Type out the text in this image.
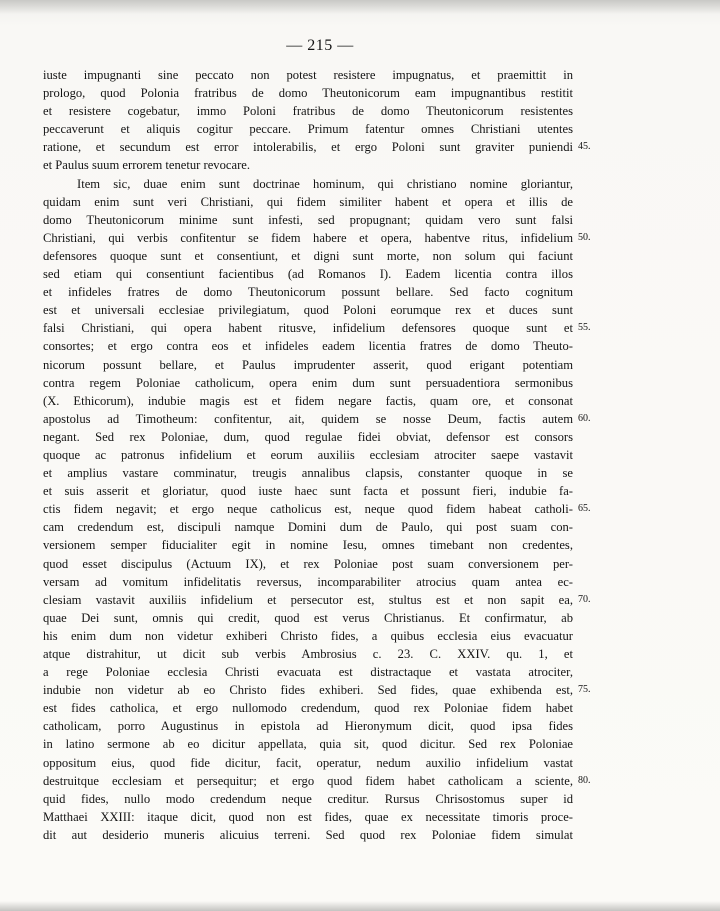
— 215 —
iuste impugnanti sine peccato non potest resistere impugnatus, et praemittit in
prologo, quod Polonia fratribus de domo Theutonicorum eam impugnantibus restitit
et resistere cogebatur, immo Poloni fratribus de domo Theutonicorum resistentes
peccaverunt et aliquis cogitur peccare. Primum fatentur omnes Christiani utentes
ratione, et secundum est error intolerabilis, et ergo Poloni sunt graviter puniendi
et Paulus suum errorem tenetur revocare.
Item sic, duae enim sunt doctrinae hominum, qui christiano nomine gloriantur,
quidam enim sunt veri Christiani, qui fidem similiter habent et opera et illis de
domo Theutonicorum minime sunt infesti, sed propugnant; quidam vero sunt falsi
Christiani, qui verbis confitentur se fidem habere et opera, habentve ritus, infidelium
defensores quoque sunt et consentiunt, et digni sunt morte, non solum qui faciunt
sed etiam qui consentiunt facientibus (ad Romanos I). Eadem licentia contra illos
et infideles fratres de domo Theutonicorum possunt bellare. Sed facto cognitum
est et universali ecclesiae privilegiatum, quod Poloni eorumque rex et duces sunt
falsi Christiani, qui opera habent ritusve, infidelium defensores quoque sunt et
consortes; et ergo contra eos et infideles eadem licentia fratres de domo Theuto-
nicorum possunt bellare, et Paulus imprudenter asserit, quod erigant potentiam
contra regem Poloniae catholicum, opera enim dum sunt persuadentiora sermonibus
(X. Ethicorum), indubie magis est et fidem negare factis, quam ore, et consonat
apostolus ad Timotheum: confitentur, ait, quidem se nosse Deum, factis autem
negant. Sed rex Poloniae, dum, quod regulae fidei obviat, defensor est consors
quoque ac patronus infidelium et eorum auxiliis ecclesiam atrociter saepe vastavit
et amplius vastare comminatur, treugis annalibus clapsis, constanter quoque in se
et suis asserit et gloriatur, quod iuste haec sunt facta et possunt fieri, indubie fa-
ctis fidem negavit; et ergo neque catholicus est, neque quod fidem habeat catholi-
cam credendum est, discipuli namque Domini dum de Paulo, qui post suam con-
versionem semper fiducialiter egit in nomine Iesu, omnes timebant non credentes,
quod esset discipulus (Actuum IX), et rex Poloniae post suam conversionem per-
versam ad vomitum infidelitatis reversus, incomparabiliter atrocius quam antea ec-
clesiam vastavit auxiliis infidelium et persecutor est, stultus est et non sapit ea,
quae Dei sunt, omnis qui credit, quod est verus Christianus. Et confirmatur, ab
his enim dum non videtur exhiberi Christo fides, a quibus ecclesia eius evacuatur
atque distrahitur, ut dicit sub verbis Ambrosius c. 23. C. XXIV. qu. 1, et
a rege Poloniae ecclesia Christi evacuata est distractaque et vastata atrociter,
indubie non videtur ab eo Christo fides exhiberi. Sed fides, quae exhibenda est,
est fides catholica, et ergo nullomodo credendum, quod rex Poloniae fidem habet
catholicam, porro Augustinus in epistola ad Hieronymum dicit, quod ipsa fides
in latino sermone ab eo dicitur appellata, quia sit, quod dicitur. Sed rex Poloniae
oppositum eius, quod fide dicitur, facit, operatur, nedum auxilio infidelium vastat
destruitque ecclesiam et persequitur; et ergo quod fidem habet catholicam a sciente,
quid fides, nullo modo credendum neque creditur. Rursus Chrisostomus super id
Matthaei XXIII: itaque dicit, quod non est fides, quae ex necessitate timoris proce-
dit aut desiderio muneris alicuius terreni. Sed quod rex Poloniae fidem simulat
45.
50.
55.
60.
65.
70.
75.
80.
